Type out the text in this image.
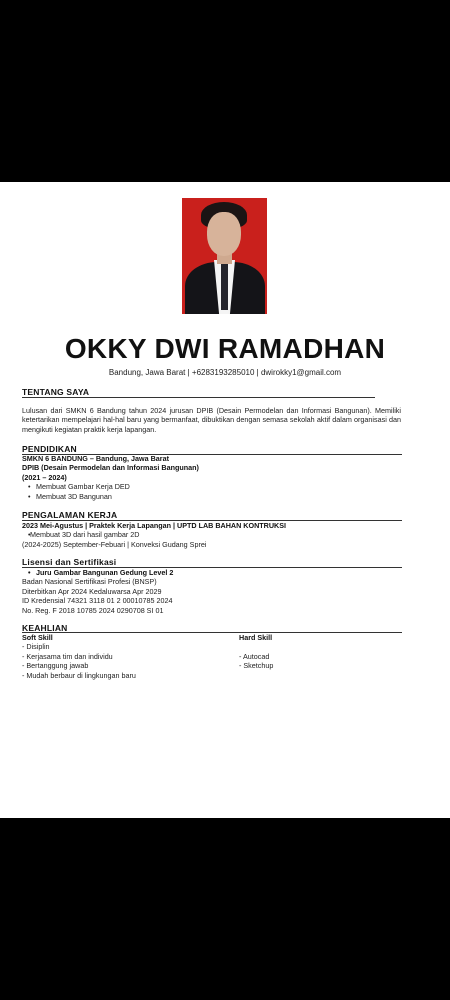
OKKY DWI RAMADHAN
Bandung, Jawa Barat | +6283193285010 | dwirokky1@gmail.com
TENTANG SAYA
Lulusan dari SMKN 6 Bandung tahun 2024 jurusan DPIB (Desain Permodelan dan Informasi Bangunan). Memiliki ketertarikan mempelajari hal-hal baru yang bermanfaat, dibuktikan dengan semasa sekolah aktif dalam organisasi dan mengikuti kegiatan praktik kerja lapangan.
PENDIDIKAN
SMKN 6 BANDUNG – Bandung, Jawa Barat
DPIB (Desain Permodelan dan Informasi Bangunan)
(2021 – 2024)
• Membuat Gambar Kerja DED
• Membuat 3D Bangunan
PENGALAMAN KERJA
2023 Mei-Agustus | Praktek Kerja Lapangan | UPTD LAB BAHAN KONTRUKSI
• Membuat 3D dari hasil gambar 2D
(2024-2025) September-Febuari | Konveksi Gudang Sprei
Lisensi dan Sertifikasi
• Juru Gambar Bangunan Gedung Level 2
Badan Nasional Sertifikasi Profesi (BNSP)
Diterbitkan Apr 2024 Kedaluwarsa Apr 2029
ID Kredensial 74321 3118 01 2 00010785 2024
No. Reg. F 2018 10785 2024 0290708 SI 01
KEAHLIAN
Soft Skill
- Disiplin
- Kerjasama tim dan individu
- Bertanggung jawab
- Mudah berbaur di lingkungan baru
Hard Skill

- Autocad
- Sketchup
